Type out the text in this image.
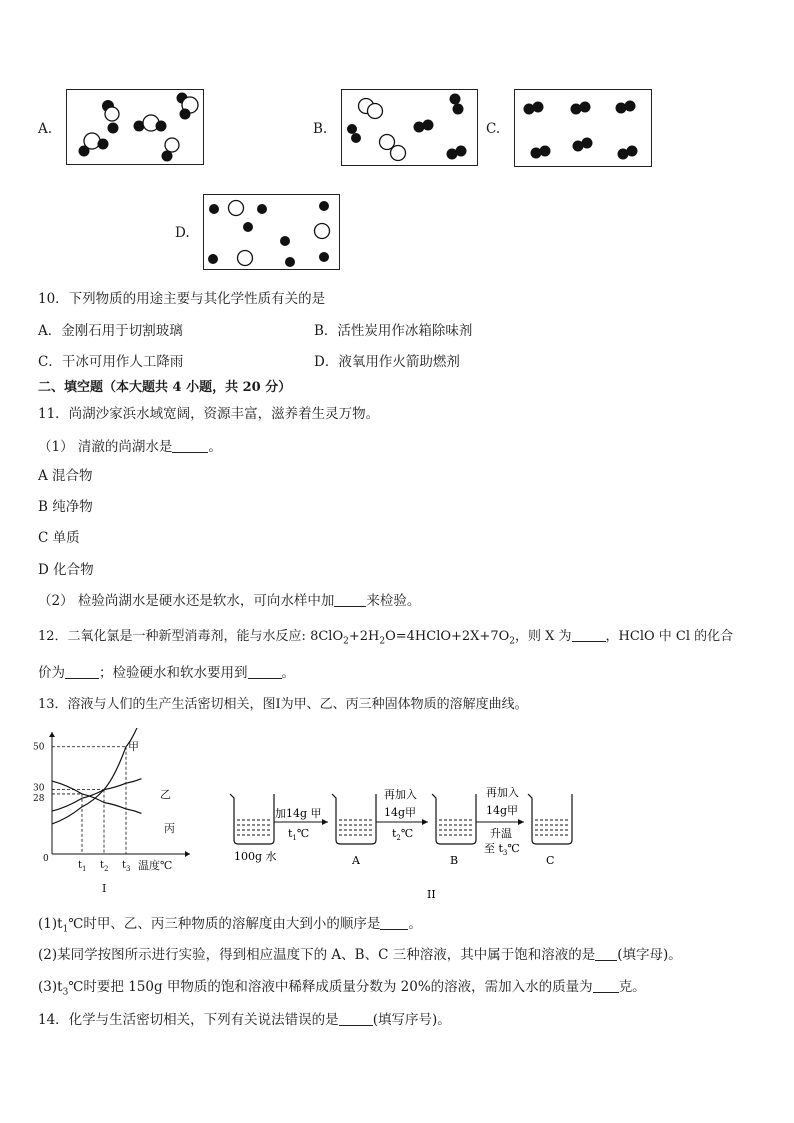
A.	B.	C.
D.
10．下列物质的用途主要与其化学性质有关的是
A．金刚石用于切割玻璃	B．活性炭用作冰箱除味剂
C．干冰可用作人工降雨	D．液氧用作火箭助燃剂
二、填空题（本大题共 4 小题，共 20 分）
11．尚湖沙家浜水域宽阔，资源丰富，滋养着生灵万物。
（1） 清澈的尚湖水是	。
A 混合物
B 纯净物
C 单质
D 化合物
（2） 检验尚湖水是硬水还是软水，可向水样中加 来检验。
12．二氧化氯是一种新型消毒剂，能与水反应: $8ClO_2+2H_2O=4HClO+2X+7O_2$，则 X 为	，HClO 中 Cl 的化合
价为	；检验硬水和软水要用到	。
13．溶液与人们的生产生活密切相关，图Ⅰ为甲、乙、丙三种固体物质的溶解度曲线。
50
30
28
0
$t_1$ $t_2$ $t_3$ 温度℃
甲
乙
丙
I
加14g 甲
$t_1℃$
再加入
14g甲
$t_2℃$
再加入
14g甲
升温
至 $t_3℃$
100g 水	A	B	C
II
$(1)t_1℃$时甲、乙、丙三种物质的溶解度由大到小的顺序是 。
(2)某同学按图所示进行实验，得到相应温度下的 A、B、C 三种溶液，其中属于饱和溶液的是 (填字母)。
$(3)t_3℃$时要把 150g 甲物质的饱和溶液中稀释成质量分数为 20%的溶液，需加入水的质量为 克。
14．化学与生活密切相关，下列有关说法错误的是	(填写序号)。
